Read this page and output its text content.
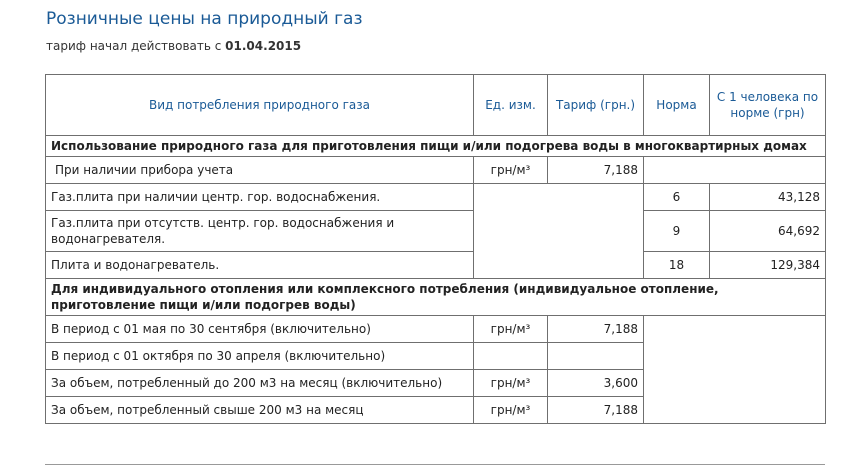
Розничные цены на природный газ
тариф начал действовать с 01.04.2015
Вид потребления природного газа	Ед. изм.	Тариф (грн.)	Норма	С 1 человека по норме (грн)
Использование природного газа для приготовления пищи и/или подогрева воды в многоквартирных домах				
При наличии прибора учета	грн/м³	7,188		
Газ.плита при наличии центр. гор. водоснабжения.			6	43,128
Газ.плита при отсутств. центр. гор. водоснабжения и водонагревателя.			9	64,692
Плита и водонагреватель.			18	129,384
Для индивидуального отопления или комплексного потребления (индивидуальное отопление, приготовление пищи и/или подогрев воды)				
В период с 01 мая по 30 сентября (включительно)	грн/м³	7,188		
В период с 01 октября по 30 апреля (включительно)				
За объем, потребленный до 200 м3 на месяц (включительно)	грн/м³	3,600		
За объем, потребленный свыше 200 м3 на месяц	грн/м³	7,188		
